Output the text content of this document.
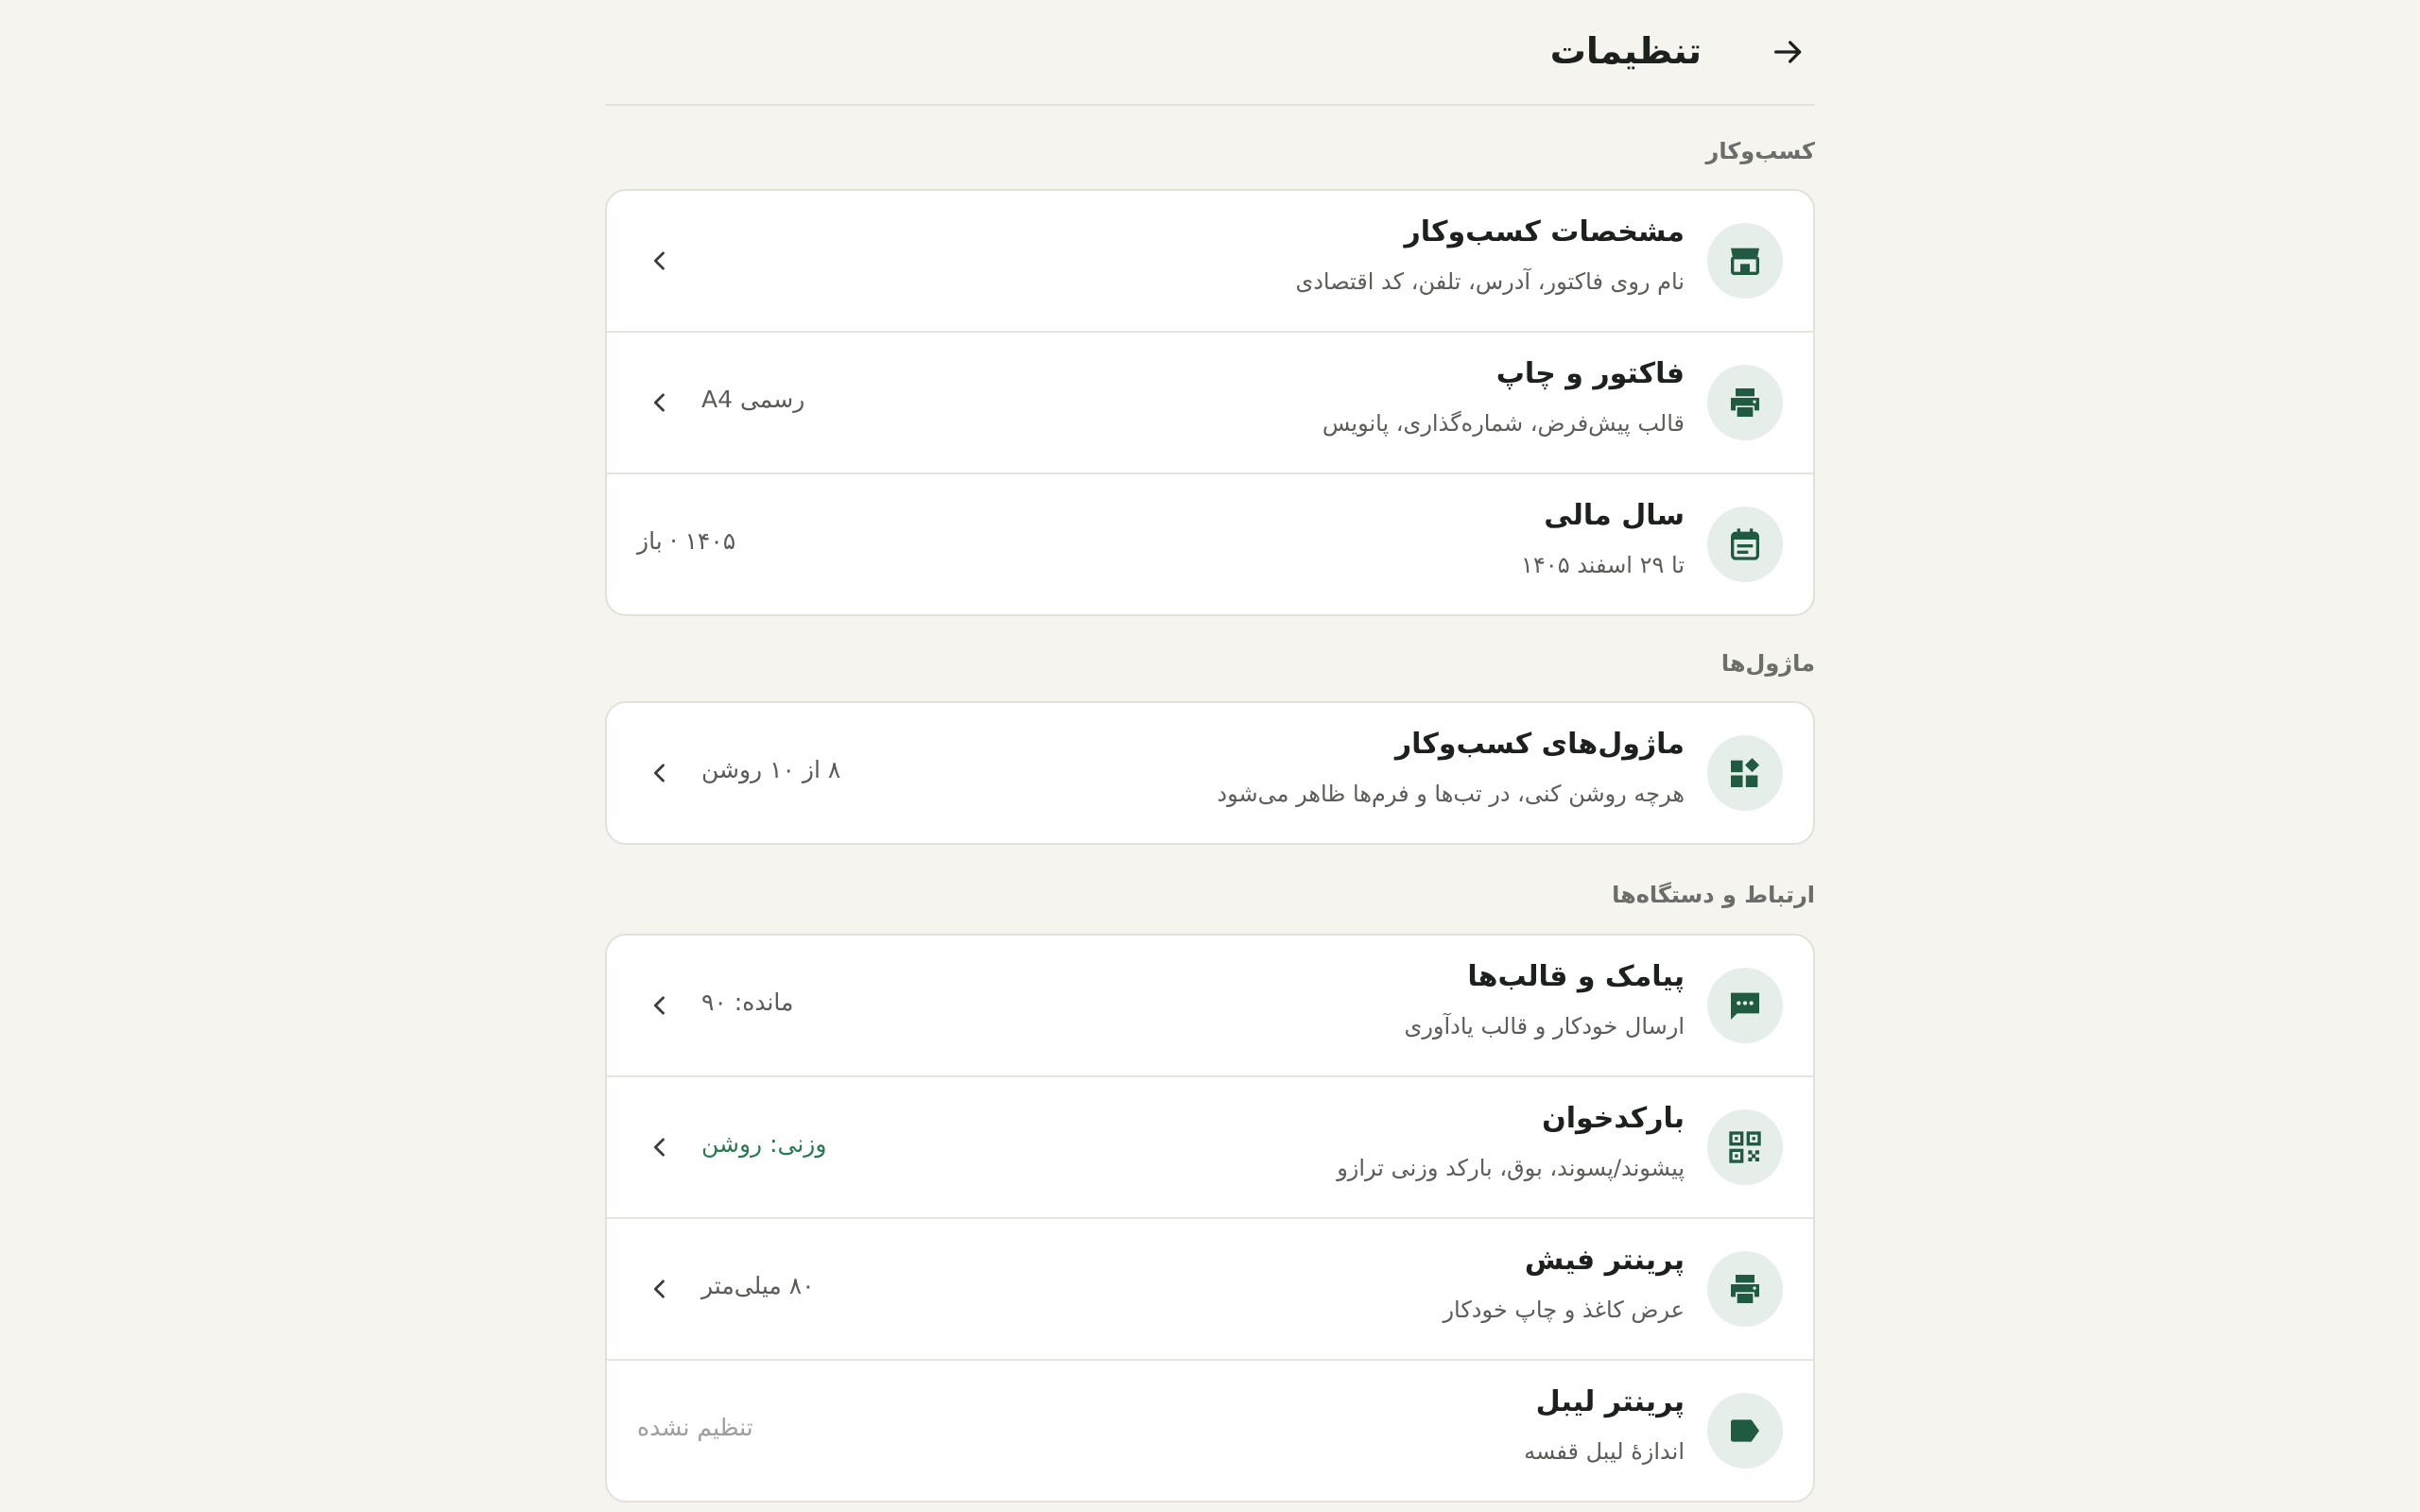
تنظیمات
کسب‌وکار
مشخصات کسب‌وکار
نام روی فاکتور، آدرس، تلفن، کد اقتصادی
فاکتور و چاپ
قالب پیش‌فرض، شماره‌گذاری، پانویس
رسمی A4
سال مالی
تا ۲۹ اسفند ۱۴۰۵
۱۴۰۵ · باز
ماژول‌ها
ماژول‌های کسب‌وکار
هرچه روشن کنی، در تب‌ها و فرم‌ها ظاهر می‌شود
۸ از ۱۰ روشن
ارتباط و دستگاه‌ها
پیامک و قالب‌ها
ارسال خودکار و قالب یادآوری
مانده: ۹۰
بارکدخوان
پیشوند/پسوند، بوق، بارکد وزنی ترازو
وزنی: روشن
پرینتر فیش
عرض کاغذ و چاپ خودکار
۸۰ میلی‌متر
پرینتر لیبل
اندازهٔ لیبل قفسه
تنظیم نشده
